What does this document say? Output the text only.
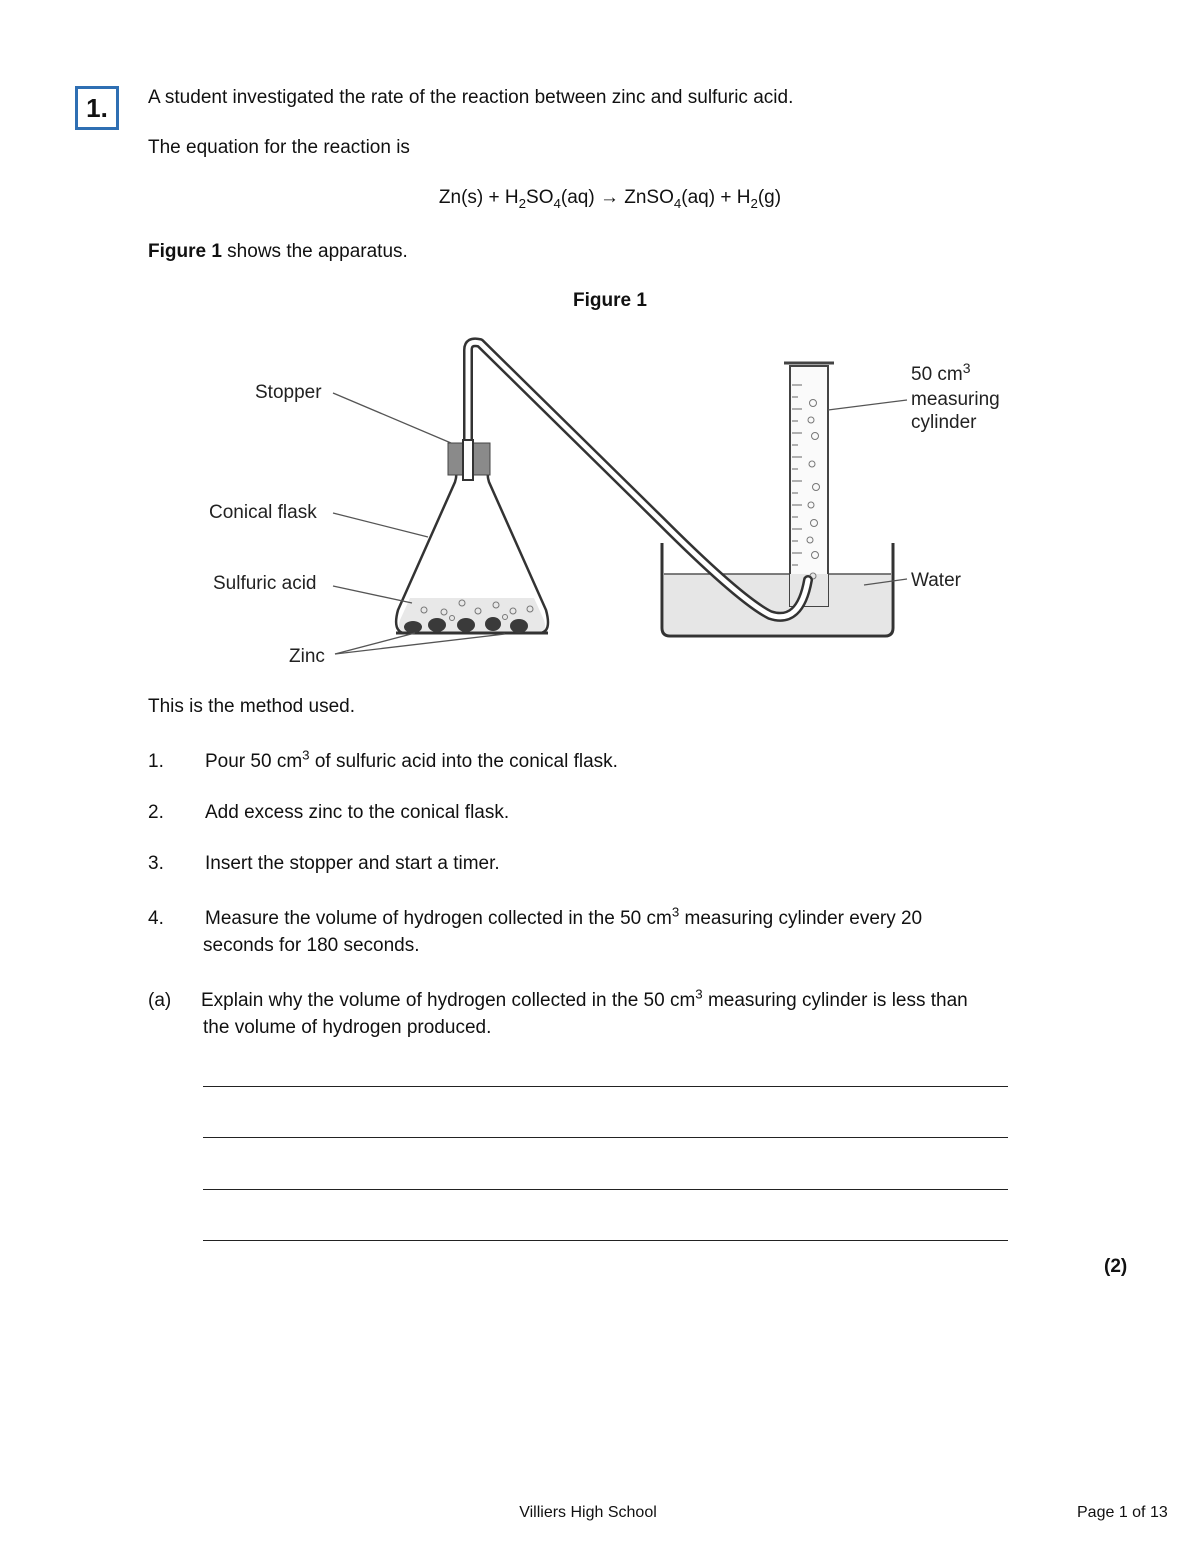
1.	A student investigated the rate of the reaction between zinc and sulfuric acid.
The equation for the reaction is
$Zn(s) + H_2SO_4(aq)$ → ZnSO$_4$(aq) + $H_2(g)$
Figure 1 shows the apparatus.
Figure 1
Stopper
Conical flask
Sulfuric acid
Zinc
50 $cm^3$
measuring
cylinder
Water
This is the method used.
1. Pour 50 $cm^3$ of sulfuric acid into the conical flask.
2. Add excess zinc to the conical flask.
3. Insert the stopper and start a timer.
4. Measure the volume of hydrogen collected in the 50 $cm^3$ measuring cylinder every 20
seconds for 180 seconds.
(a) Explain why the volume of hydrogen collected in the 50 $cm^3$ measuring cylinder is less than
the volume of hydrogen produced.
(2)
Villiers High School	Page 1 of 13
